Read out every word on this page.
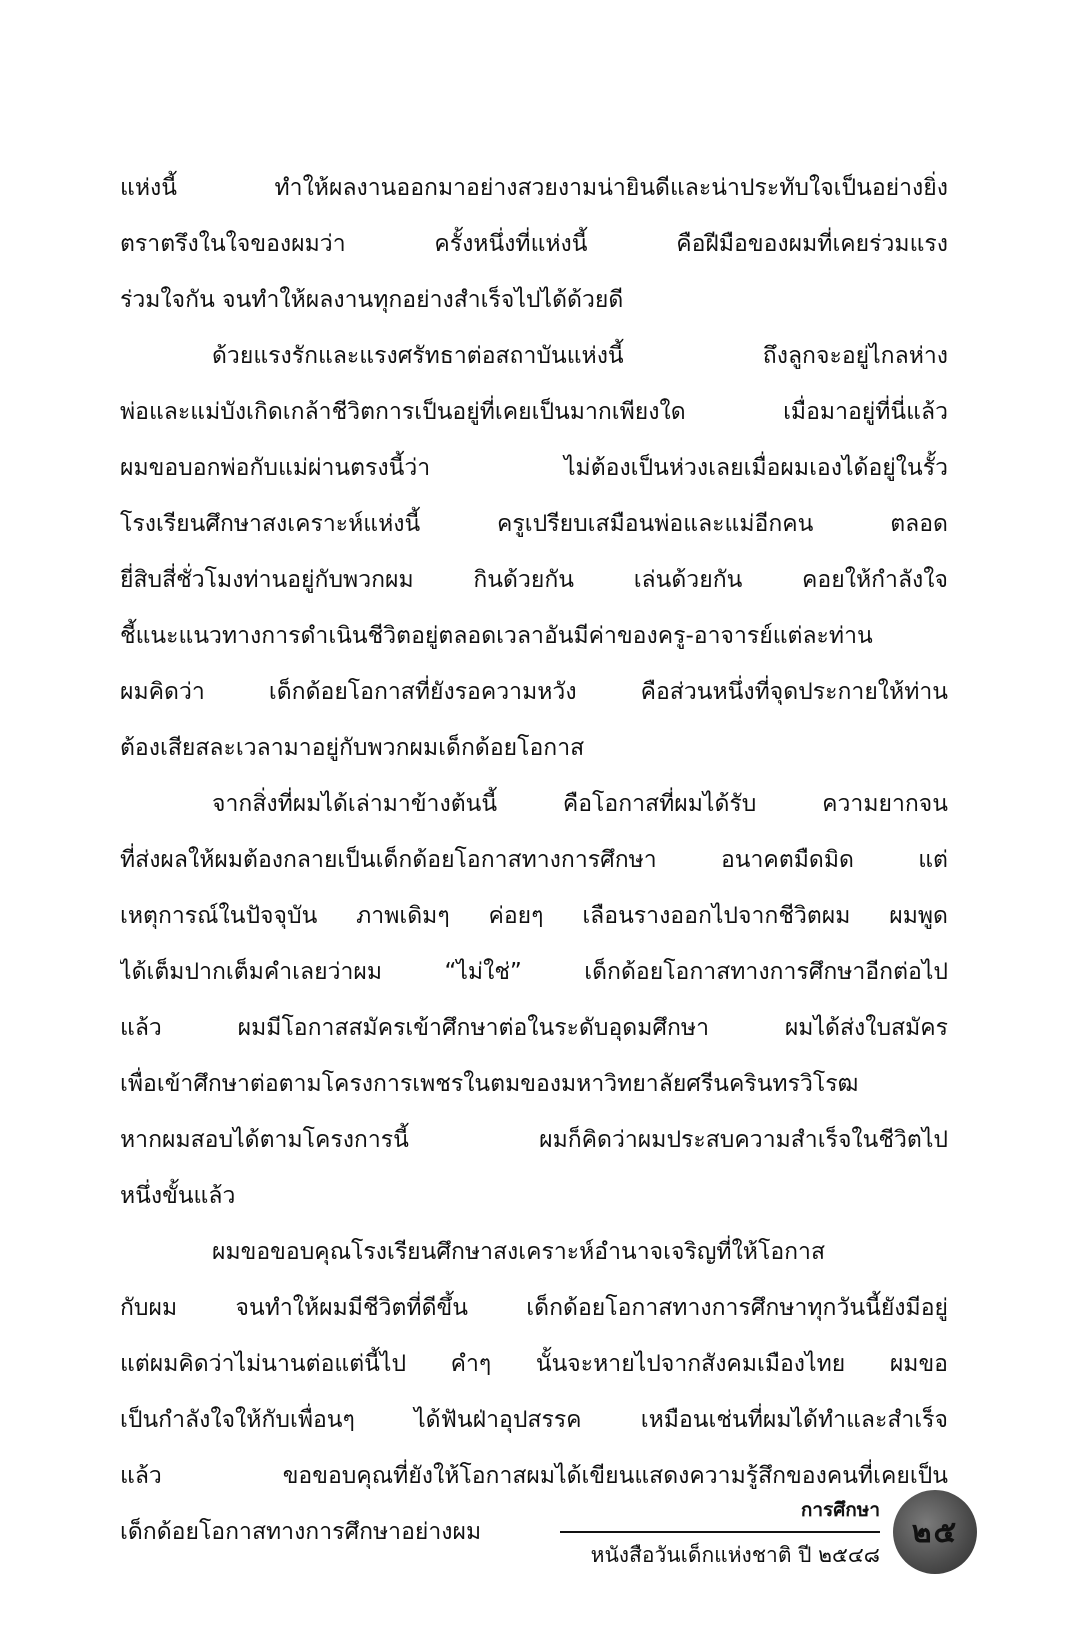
แห่งนี้ ทำให้ผลงานออกมาอย่างสวยงามน่ายินดีและน่าประทับใจเป็นอย่างยิ่ง
ตราตรึงในใจของผมว่า ครั้งหนึ่งที่แห่งนี้ คือฝีมือของผมที่เคยร่วมแรง
ร่วมใจกัน จนทำให้ผลงานทุกอย่างสำเร็จไปได้ด้วยดี
ด้วยแรงรักและแรงศรัทธาต่อสถาบันแห่งนี้ ถึงลูกจะอยู่ไกลห่าง
พ่อและแม่บังเกิดเกล้าชีวิตการเป็นอยู่ที่เคยเป็นมากเพียงใด เมื่อมาอยู่ที่นี่แล้ว
ผมขอบอกพ่อกับแม่ผ่านตรงนี้ว่า ไม่ต้องเป็นห่วงเลยเมื่อผมเองได้อยู่ในรั้ว
โรงเรียนศึกษาสงเคราะห์แห่งนี้ ครูเปรียบเสมือนพ่อและแม่อีกคน ตลอด
ยี่สิบสี่ชั่วโมงท่านอยู่กับพวกผม กินด้วยกัน เล่นด้วยกัน คอยให้กำลังใจ
ชี้แนะแนวทางการดำเนินชีวิตอยู่ตลอดเวลาอันมีค่าของครู-อาจารย์แต่ละท่าน
ผมคิดว่า เด็กด้อยโอกาสที่ยังรอความหวัง คือส่วนหนึ่งที่จุดประกายให้ท่าน
ต้องเสียสละเวลามาอยู่กับพวกผมเด็กด้อยโอกาส
จากสิ่งที่ผมได้เล่ามาข้างต้นนี้ คือโอกาสที่ผมได้รับ ความยากจน
ที่ส่งผลให้ผมต้องกลายเป็นเด็กด้อยโอกาสทางการศึกษา อนาคตมืดมิด แต่
เหตุการณ์ในปัจจุบัน ภาพเดิมๆ ค่อยๆ เลือนรางออกไปจากชีวิตผม ผมพูด
ได้เต็มปากเต็มคำเลยว่าผม “ไม่ใช่” เด็กด้อยโอกาสทางการศึกษาอีกต่อไป
แล้ว ผมมีโอกาสสมัครเข้าศึกษาต่อในระดับอุดมศึกษา ผมได้ส่งใบสมัคร
เพื่อเข้าศึกษาต่อตามโครงการเพชรในตมของมหาวิทยาลัยศรีนครินทรวิโรฒ
หากผมสอบได้ตามโครงการนี้ ผมก็คิดว่าผมประสบความสำเร็จในชีวิตไป
หนึ่งขั้นแล้ว
ผมขอขอบคุณโรงเรียนศึกษาสงเคราะห์อำนาจเจริญที่ให้โอกาส
กับผม จนทำให้ผมมีชีวิตที่ดีขึ้น เด็กด้อยโอกาสทางการศึกษาทุกวันนี้ยังมีอยู่
แต่ผมคิดว่าไม่นานต่อแต่นี้ไป คำๆ นั้นจะหายไปจากสังคมเมืองไทย ผมขอ
เป็นกำลังใจให้กับเพื่อนๆ ได้ฟันฝ่าอุปสรรค เหมือนเช่นที่ผมได้ทำและสำเร็จ
แล้ว ขอขอบคุณที่ยังให้โอกาสผมได้เขียนแสดงความรู้สึกของคนที่เคยเป็น
เด็กด้อยโอกาสทางการศึกษาอย่างผม
การศึกษา
หนังสือวันเด็กแห่งชาติ ปี ๒๕๔๘
๒๕
